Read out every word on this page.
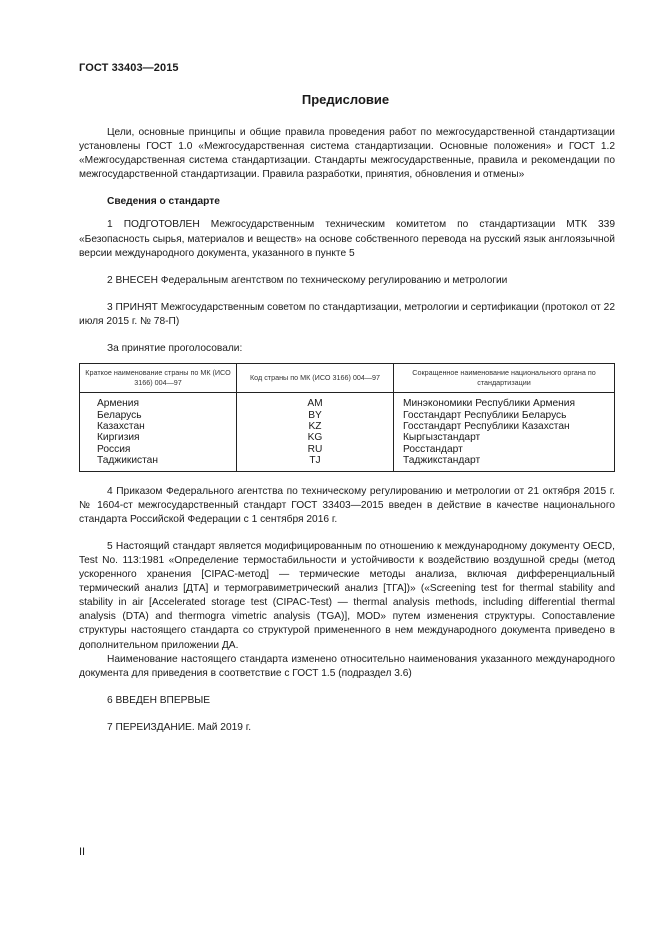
ГОСТ 33403—2015
Предисловие

Цели, основные принципы и общие правила проведения работ по межгосударственной стандартизации установлены ГОСТ 1.0 «Межгосударственная система стандартизации. Основные положения» и ГОСТ 1.2 «Межгосударственная система стандартизации. Стандарты межгосударственные, правила и рекомендации по межгосударственной стандартизации. Правила разработки, принятия, обновления и отмены»

Сведения о стандарте

1 ПОДГОТОВЛЕН Межгосударственным техническим комитетом по стандартизации МТК 339 «Безопасность сырья, материалов и веществ» на основе собственного перевода на русский язык англоязычной версии международного документа, указанного в пункте 5

2 ВНЕСЕН Федеральным агентством по техническому регулированию и метрологии

3 ПРИНЯТ Межгосударственным советом по стандартизации, метрологии и сертификации (протокол от 22 июля 2015 г. № 78-П)

За принятие проголосовали:

Краткое наименование страны по МК (ИСО 3166) 004—97	Код страны по МК (ИСО 3166) 004—97	Сокращенное наименование национального органа по стандартизации
Армения	AM	Минэкономики Республики Армения
Беларусь	BY	Госстандарт Республики Беларусь
Казахстан	KZ	Госстандарт Республики Казахстан
Киргизия	KG	Кыргызстандарт
Россия	RU	Росстандарт
Таджикистан	TJ	Таджикстандарт

4 Приказом Федерального агентства по техническому регулированию и метрологии от 21 октября 2015 г. № 1604-ст межгосударственный стандарт ГОСТ 33403—2015 введен в действие в качестве национального стандарта Российской Федерации с 1 сентября 2016 г.

5 Настоящий стандарт является модифицированным по отношению к международному документу OECD, Test No. 113:1981 «Определение термостабильности и устойчивости к воздействию воздушной среды (метод ускоренного хранения [CIPAC-метод] — термические методы анализа, включая дифференциальный термический анализ [ДТА] и термогравиметрический анализ [ТГА])» («Screening test for thermal stability and stability in air [Accelerated storage test (CIPAC-Test) — thermal analysis methods, including differential thermal analysis (DTA) and thermogra vimetric analysis (TGA)], MOD» путем изменения структуры. Сопоставление структуры настоящего стандарта со структурой примененного в нем международного документа приведено в дополнительном приложении ДА.

Наименование настоящего стандарта изменено относительно наименования указанного международного документа для приведения в соответствие с ГОСТ 1.5 (подраздел 3.6)

6 ВВЕДЕН ВПЕРВЫЕ

7 ПЕРЕИЗДАНИЕ. Май 2019 г.

II
